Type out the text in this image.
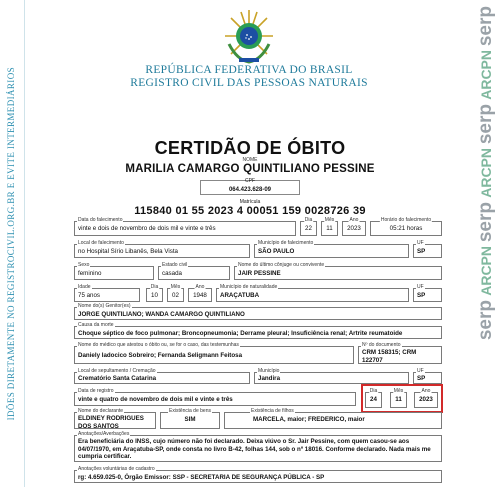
IDÕES DIRETAMENTE NO REGISTROCIVIL.ORG.BR E EVITE INTERMEDIÁRIOS
serp
ARCPN
serp
ARCPN
serp
ARCPN
serp
REPÚBLICA FEDERATIVA DO BRASIL
REGISTRO CIVIL DAS PESSOAS NATURAIS
CERTIDÃO DE ÓBITO
NOME
MARILIA CAMARGO QUINTILIANO PESSINE
CPF
064.423.628-09
Matrícula
115840 01 55 2023 4 00051 159 0028726 39
Data do falecimento
vinte e dois de novembro de dois mil e vinte e três
Dia
22
Mês
11
Ano
2023
Horário do falecimento
05:21 horas
Local de falecimento
no Hospital Sírio Libanês, Bela Vista
Município de falecimento
SÃO PAULO
UF
SP
Sexo
feminino
Estado civil
casada
Nome do último cônjuge ou convivente
JAIR PESSINE
Idade
75 anos
Dia
10
Mês
02
Ano
1948
Município de naturalidade
ARAÇATUBA
UF
SP
Nome do(s) Genitor(es)
JORGE QUINTILIANO; WANDA CAMARGO QUINTILIANO
Causa da morte
Choque séptico de foco pulmonar; Broncopneumonia; Derrame pleural; Insuficiência renal; Artrite reumatoide
Nome do médico que atestou o óbito ou, se for o caso, das testemunhas
Daniely Iadocico Sobreiro; Fernanda Seligmann Feitosa
Nº do documento
CRM 158315; CRM 122707
Local de sepultamento / Cremação
Crematório Santa Catarina
Município
Jandira
UF
SP
Data de registro
vinte e quatro de novembro de dois mil e vinte e três
Dia
24
Mês
11
Ano
2023
Nome do declarante
ELDINEY RODRIGUES DOS SANTOS
Existência de bens
SIM
Existência de filhos
MARCELA, maior; FREDERICO, maior
Anotações/Averbações
Era beneficiária do INSS, cujo número não foi declarado. Deixa viúvo o Sr. Jair Pessine, com quem casou-se aos 04/07/1970, em Araçatuba-SP, onde consta no livro B-42, folhas 144, sob o nº 18016. Conforme declarado. Nada mais me cumpria certificar.
Anotações voluntárias de cadastro
rg: 4.659.025-0, Órgão Emissor: SSP - SECRETARIA DE SEGURANÇA PÚBLICA - SP
